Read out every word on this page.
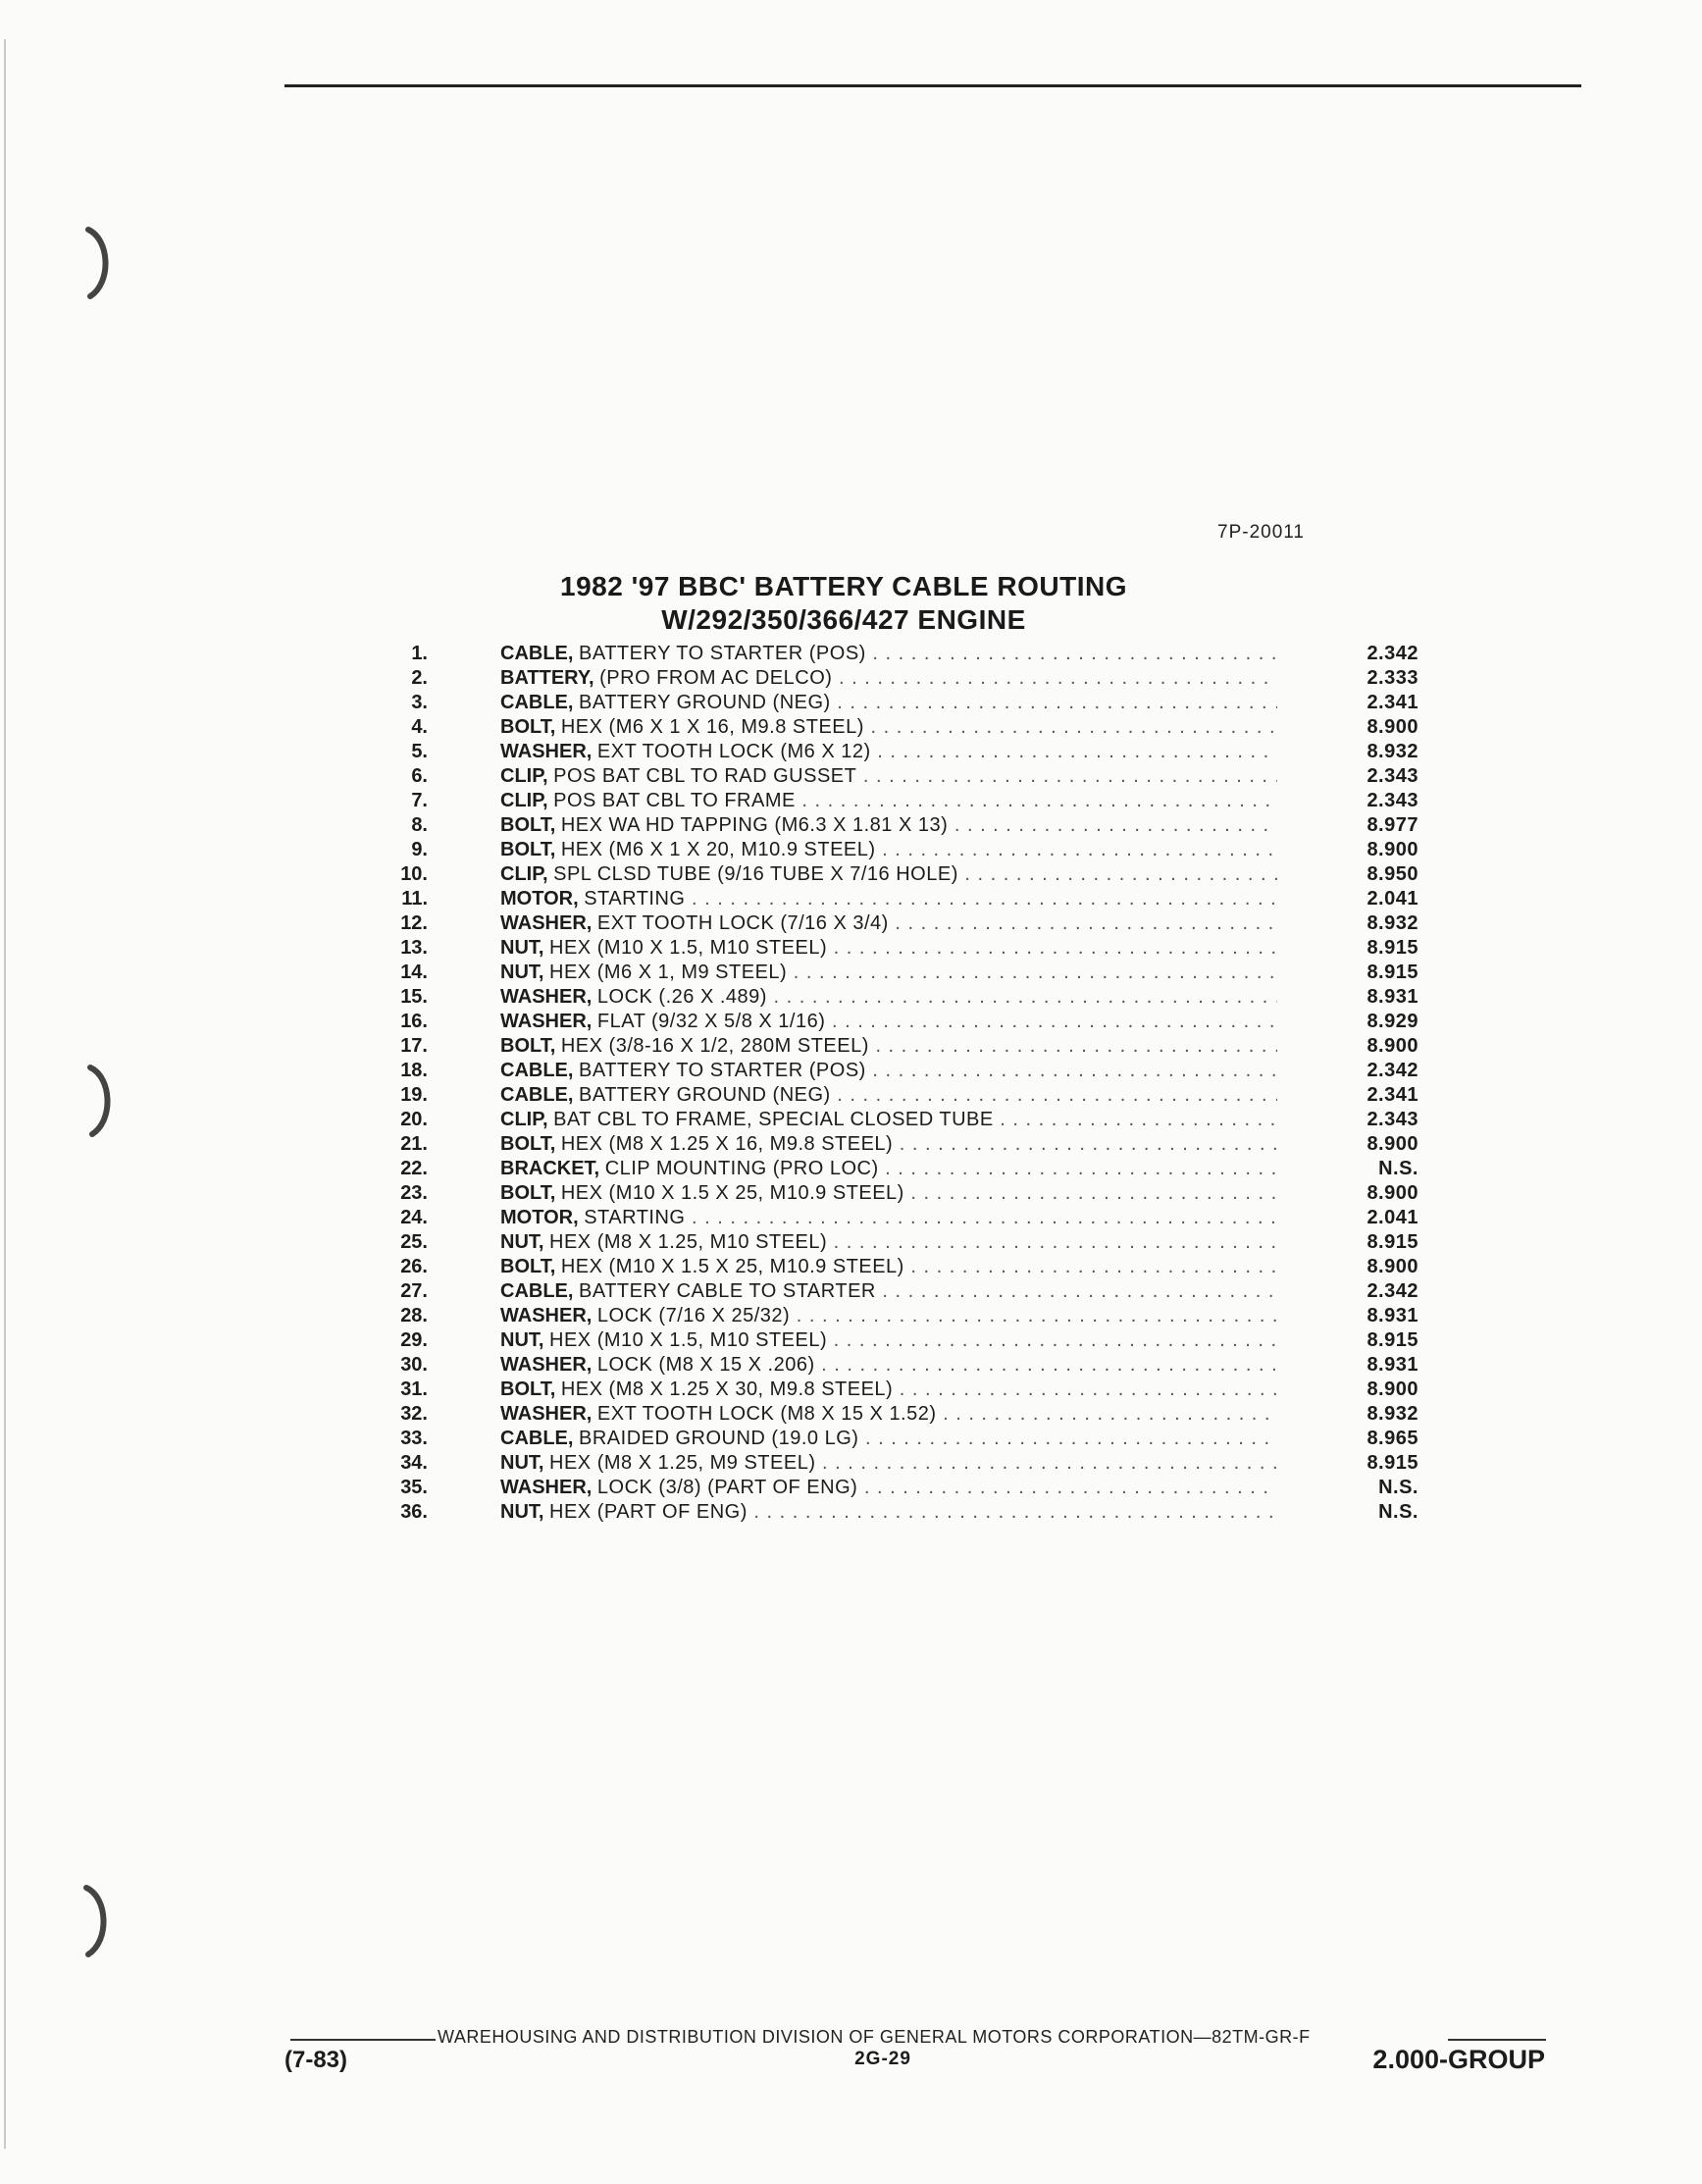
7P-20011
1982 '97 BBC' BATTERY CABLE ROUTING
W/292/350/366/427 ENGINE
1.	CABLE, BATTERY TO STARTER (POS) . . .	2.342
2.	BATTERY, (PRO FROM AC DELCO) . . .	2.333
3.	CABLE, BATTERY GROUND (NEG) . . .	2.341
4.	BOLT, HEX (M6 X 1 X 16, M9.8 STEEL) . . .	8.900
5.	WASHER, EXT TOOTH LOCK (M6 X 12) . . .	8.932
6.	CLIP, POS BAT CBL TO RAD GUSSET . . .	2.343
7.	CLIP, POS BAT CBL TO FRAME . . .	2.343
8.	BOLT, HEX WA HD TAPPING (M6.3 X 1.81 X 13) . . .	8.977
9.	BOLT, HEX (M6 X 1 X 20, M10.9 STEEL) . . .	8.900
10.	CLIP, SPL CLSD TUBE (9/16 TUBE X 7/16 HOLE) . . .	8.950
11.	MOTOR, STARTING . . .	2.041
12.	WASHER, EXT TOOTH LOCK (7/16 X 3/4) . . .	8.932
13.	NUT, HEX (M10 X 1.5, M10 STEEL) . . .	8.915
14.	NUT, HEX (M6 X 1, M9 STEEL) . . .	8.915
15.	WASHER, LOCK (.26 X .489) . . .	8.931
16.	WASHER, FLAT (9/32 X 5/8 X 1/16) . . .	8.929
17.	BOLT, HEX (3/8-16 X 1/2, 280M STEEL) . . .	8.900
18.	CABLE, BATTERY TO STARTER (POS) . . .	2.342
19.	CABLE, BATTERY GROUND (NEG) . . .	2.341
20.	CLIP, BAT CBL TO FRAME, SPECIAL CLOSED TUBE . . .	2.343
21.	BOLT, HEX (M8 X 1.25 X 16, M9.8 STEEL) . . .	8.900
22.	BRACKET, CLIP MOUNTING (PRO LOC) . . .	N.S.
23.	BOLT, HEX (M10 X 1.5 X 25, M10.9 STEEL) . . .	8.900
24.	MOTOR, STARTING . . .	2.041
25.	NUT, HEX (M8 X 1.25, M10 STEEL) . . .	8.915
26.	BOLT, HEX (M10 X 1.5 X 25, M10.9 STEEL) . . .	8.900
27.	CABLE, BATTERY CABLE TO STARTER . . .	2.342
28.	WASHER, LOCK (7/16 X 25/32) . . .	8.931
29.	NUT, HEX (M10 X 1.5, M10 STEEL) . . .	8.915
30.	WASHER, LOCK (M8 X 15 X .206) . . .	8.931
31.	BOLT, HEX (M8 X 1.25 X 30, M9.8 STEEL) . . .	8.900
32.	WASHER, EXT TOOTH LOCK (M8 X 15 X 1.52) . . .	8.932
33.	CABLE, BRAIDED GROUND (19.0 LG) . . .	8.965
34.	NUT, HEX (M8 X 1.25, M9 STEEL) . . .	8.915
35.	WASHER, LOCK (3/8) (PART OF ENG) . . .	N.S.
36.	NUT, HEX (PART OF ENG) . . .	N.S.
WAREHOUSING AND DISTRIBUTION DIVISION OF GENERAL MOTORS CORPORATION—82TM-GR-F
(7-83)	2G-29	2.000-GROUP
